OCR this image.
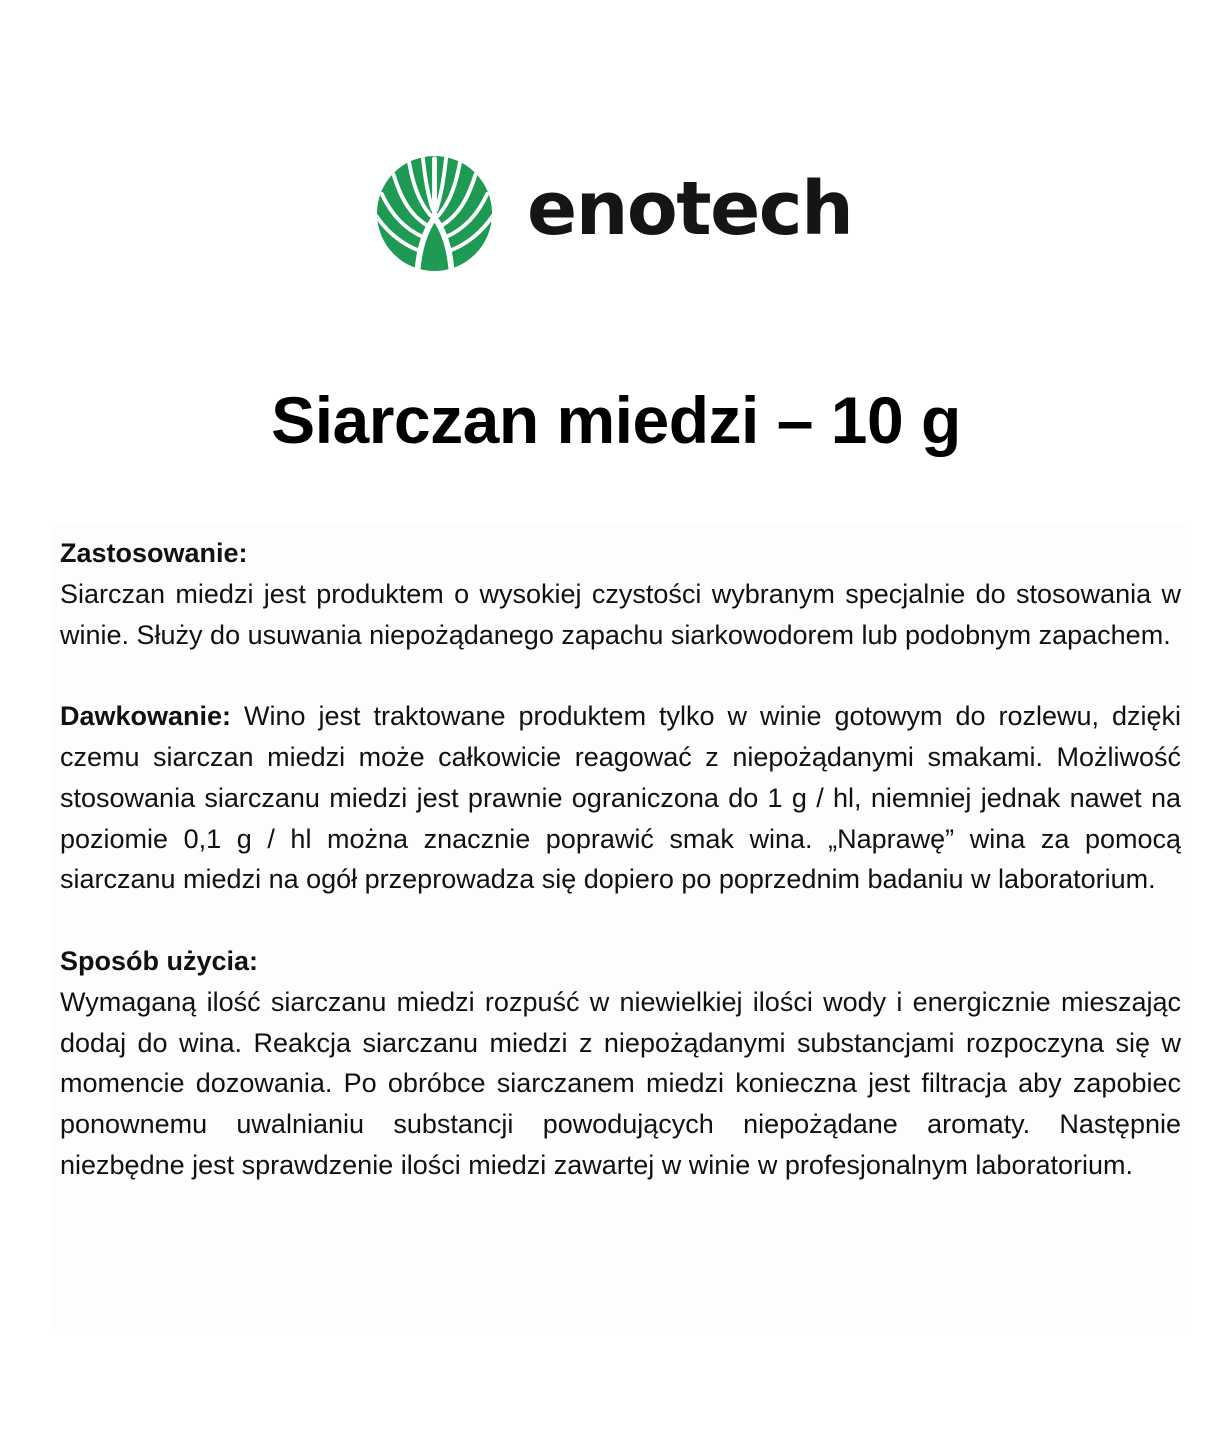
enotech
Siarczan miedzi – 10 g

Zastosowanie:

Siarczan miedzi jest produktem o wysokiej czystości wybranym specjalnie do stosowania w winie. Służy do usuwania niepożądanego zapachu siarkowodorem lub podobnym zapachem.

Dawkowanie: Wino jest traktowane produktem tylko w winie gotowym do rozlewu, dzięki czemu siarczan miedzi może całkowicie reagować z niepożądanymi smakami. Możliwość stosowania siarczanu miedzi jest prawnie ograniczona do 1 g / hl, niemniej jednak nawet na poziomie 0,1 g / hl można znacznie poprawić smak wina. „Naprawę” wina za pomocą siarczanu miedzi na ogół przeprowadza się dopiero po poprzednim badaniu w laboratorium.

Sposób użycia:

Wymaganą ilość siarczanu miedzi rozpuść w niewielkiej ilości wody i energicznie mieszając dodaj do wina. Reakcja siarczanu miedzi z niepożądanymi substancjami rozpoczyna się w momencie dozowania. Po obróbce siarczanem miedzi konieczna jest filtracja aby zapobiec ponownemu uwalnianiu substancji powodujących niepożądane aromaty. Następnie niezbędne jest sprawdzenie ilości miedzi zawartej w winie w profesjonalnym laboratorium.
